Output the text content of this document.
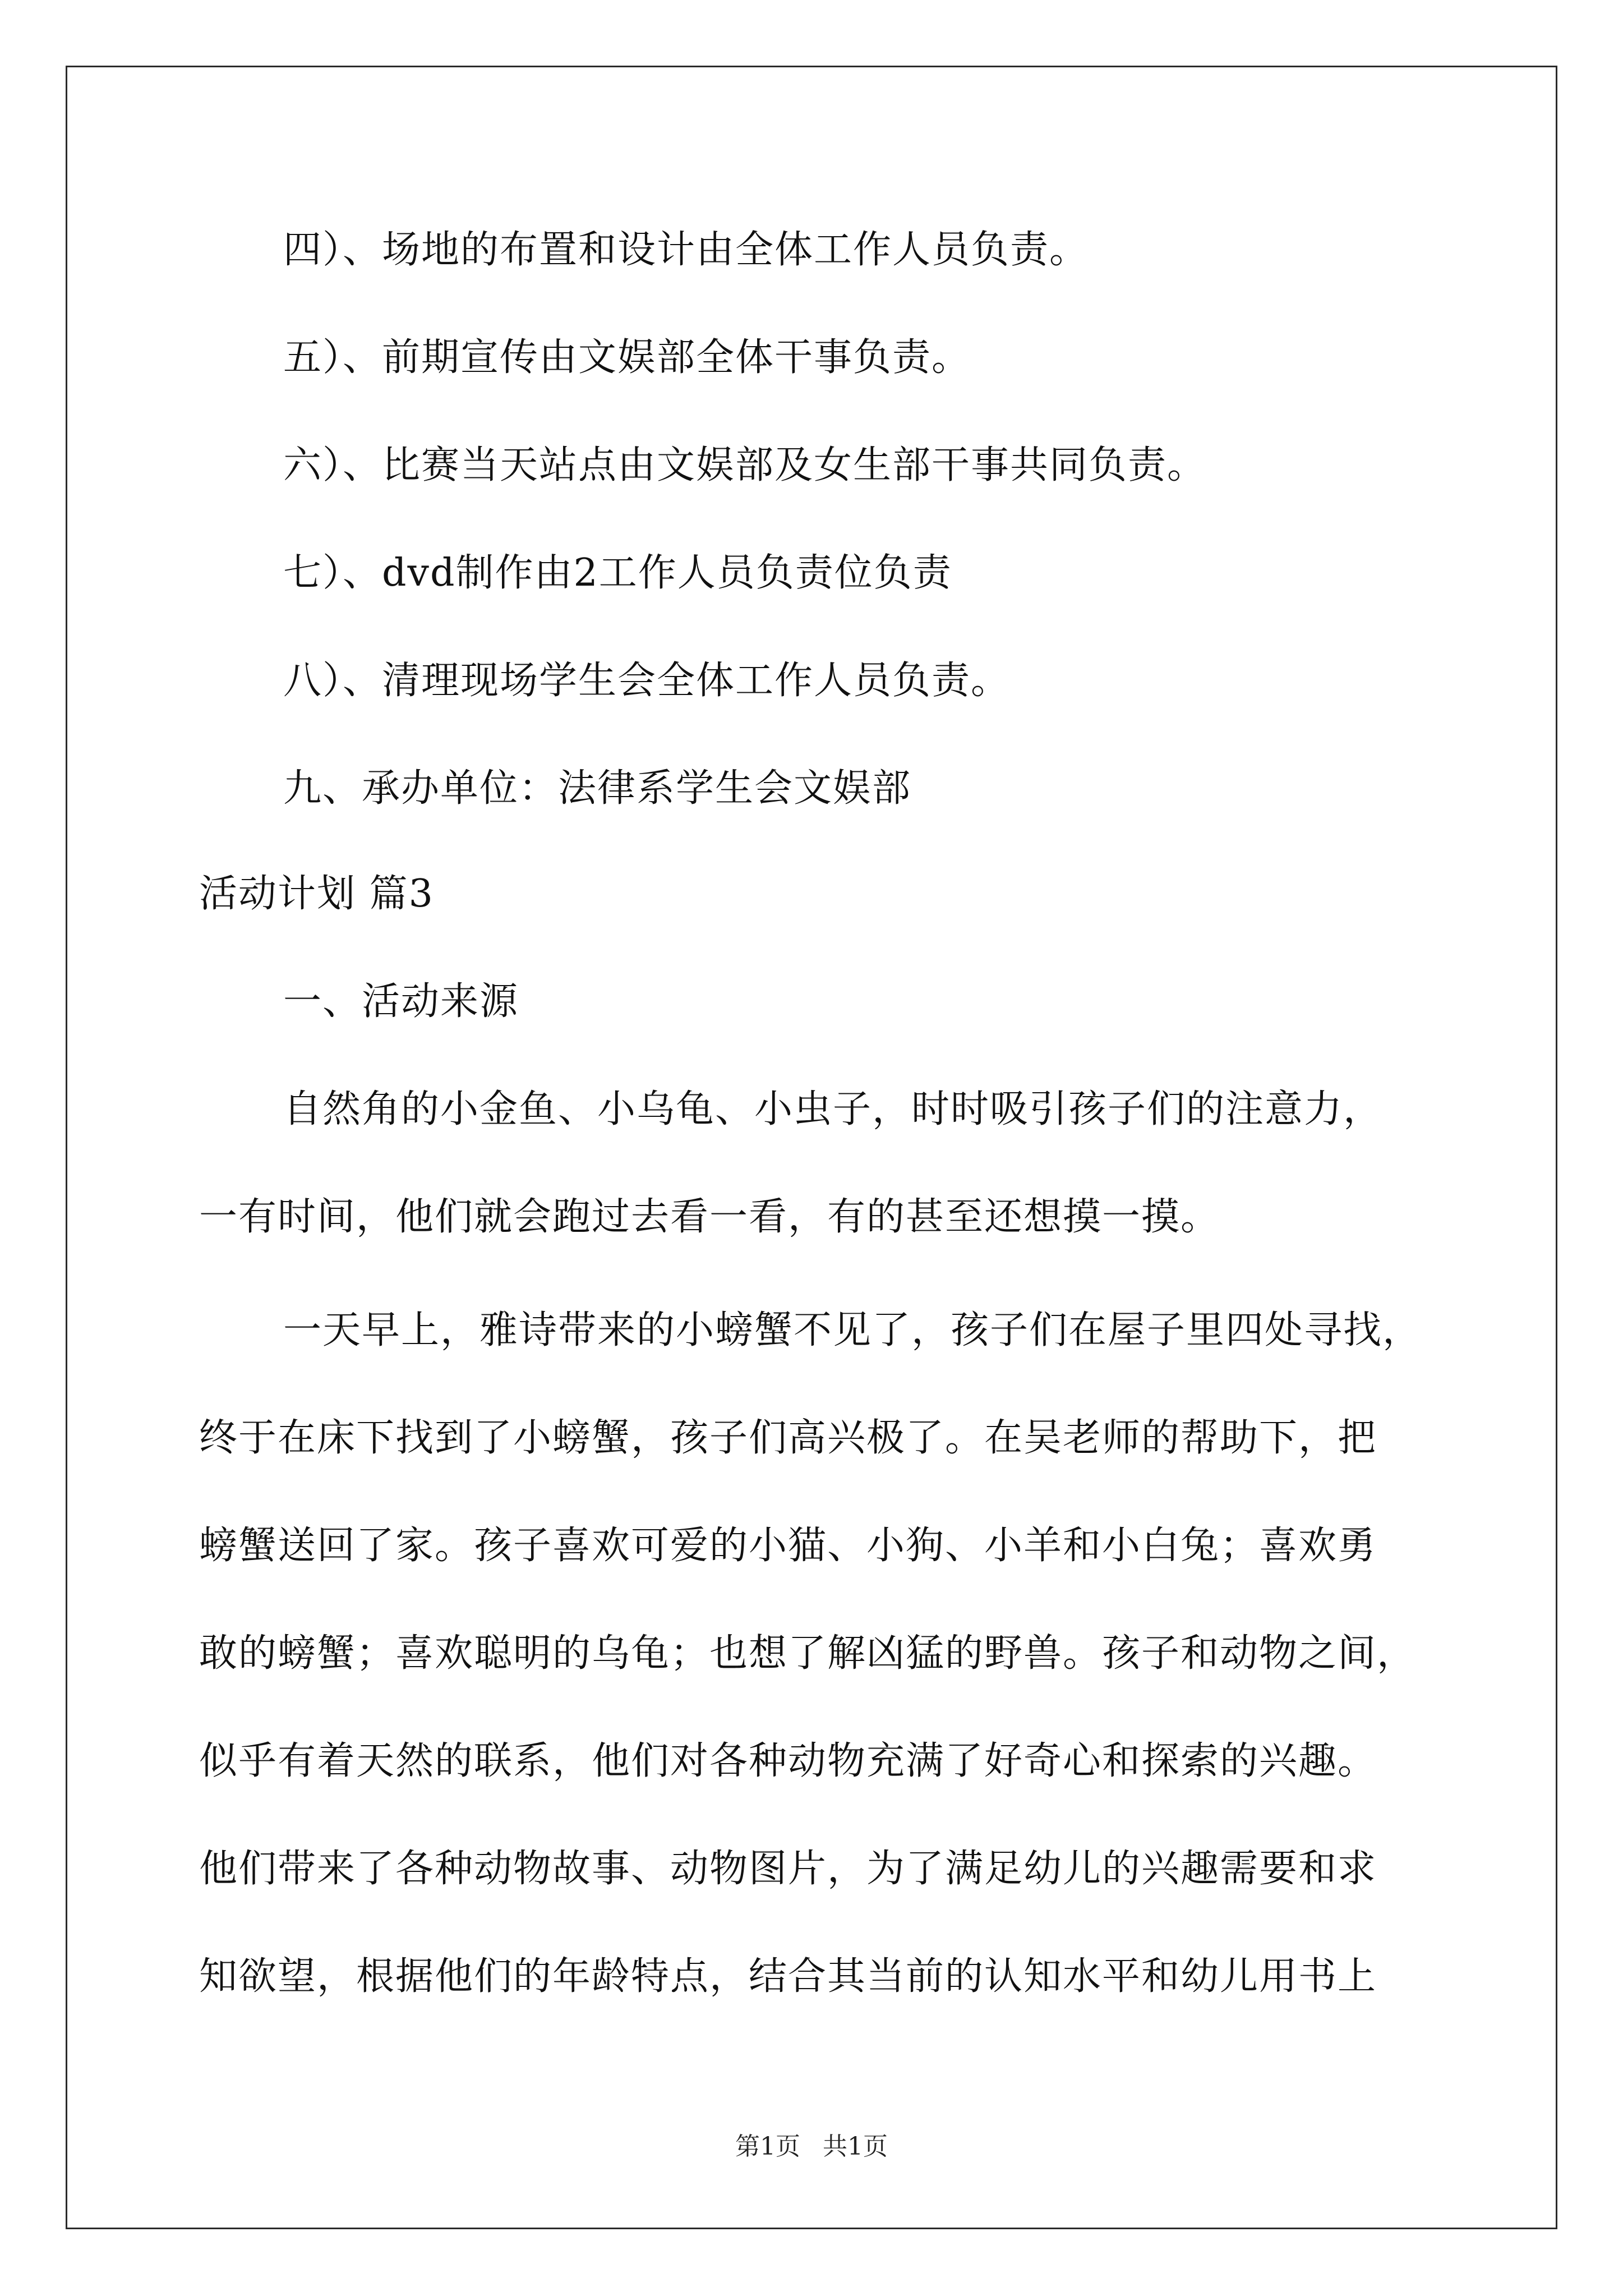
四）、场地的布置和设计由全体工作人员负责。
五）、前期宣传由文娱部全体干事负责。
六）、比赛当天站点由文娱部及女生部干事共同负责。
七）、dvd制作由2工作人员负责位负责
八）、清理现场学生会全体工作人员负责。
九、承办单位：法律系学生会文娱部
活动计划 篇3
一、活动来源
自然角的小金鱼、小乌龟、小虫子，时时吸引孩子们的注意力，
一有时间，他们就会跑过去看一看，有的甚至还想摸一摸。
一天早上，雅诗带来的小螃蟹不见了，孩子们在屋子里四处寻找，
终于在床下找到了小螃蟹，孩子们高兴极了。在吴老师的帮助下，把
螃蟹送回了家。孩子喜欢可爱的小猫、小狗、小羊和小白兔；喜欢勇
敢的螃蟹；喜欢聪明的乌龟；也想了解凶猛的野兽。孩子和动物之间，
似乎有着天然的联系，他们对各种动物充满了好奇心和探索的兴趣。
他们带来了各种动物故事、动物图片，为了满足幼儿的兴趣需要和求
知欲望，根据他们的年龄特点，结合其当前的认知水平和幼儿用书上
第1页 共1页
